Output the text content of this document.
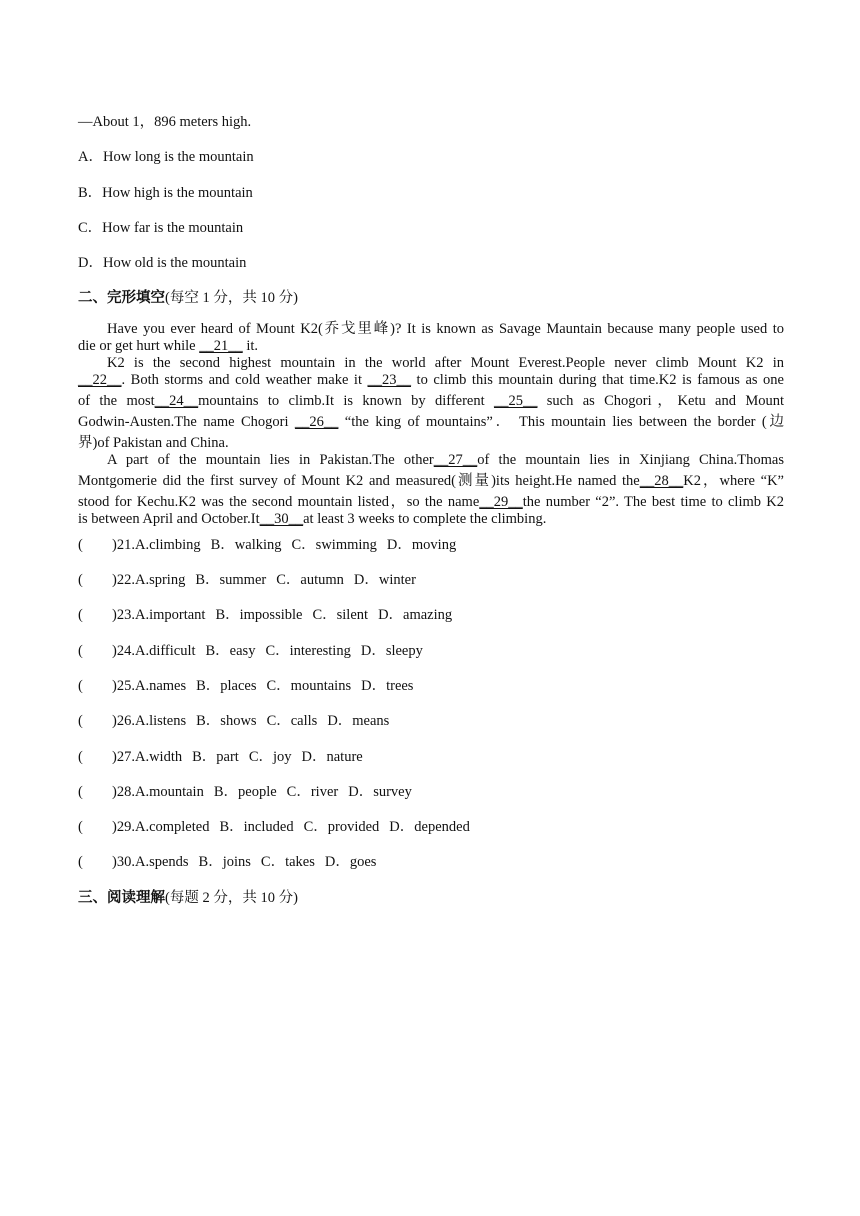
—About 1，896 meters high.
A．How long is the mountain
B．How high is the mountain
C．How far is the mountain
D．How old is the mountain
二、完形填空(每空 1 分，共 10 分)
Have you ever heard of Mount K2(乔戈里峰)? It is known as Savage Mauntain because many people used to
die or get hurt while __21__ it.
K2 is the second highest mountain in the world after Mount Everest.People never climb Mount K2 in
__22__. Both storms and cold weather make it __23__ to climb this mountain during that time.K2 is famous as one
of the most__24__mountains to climb.It is known by different __25__ such as Chogori，Ketu and Mount
Godwin-Austen.The name Chogori __26__ “the king of mountains”． This mountain lies between the border (边
界)of Pakistan and China.
A part of the mountain lies in Pakistan.The other__27__of the mountain lies in Xinjiang China.Thomas
Montgomerie did the first survey of Mount K2 and measured(测量)its height.He named the__28__K2，where “K”
stood for Kechu.K2 was the second mountain listed，so the name__29__the number “2”. The best time to climb K2
is between April and October.It__30__at least 3 weeks to complete the climbing.
( )21.A.climbing B．walking C．swimming D．moving
( )22.A.spring B．summer C．autumn D．winter
( )23.A.important B．impossible C．silent D．amazing
( )24.A.difficult B．easy C．interesting D．sleepy
( )25.A.names B．places C．mountains D．trees
( )26.A.listens B．shows C．calls D．means
( )27.A.width B．part C．joy D．nature
( )28.A.mountain B．people C．river D．survey
( )29.A.completed B．included C．provided D．depended
( )30.A.spends B．joins C．takes D．goes
三、阅读理解(每题 2 分，共 10 分)
